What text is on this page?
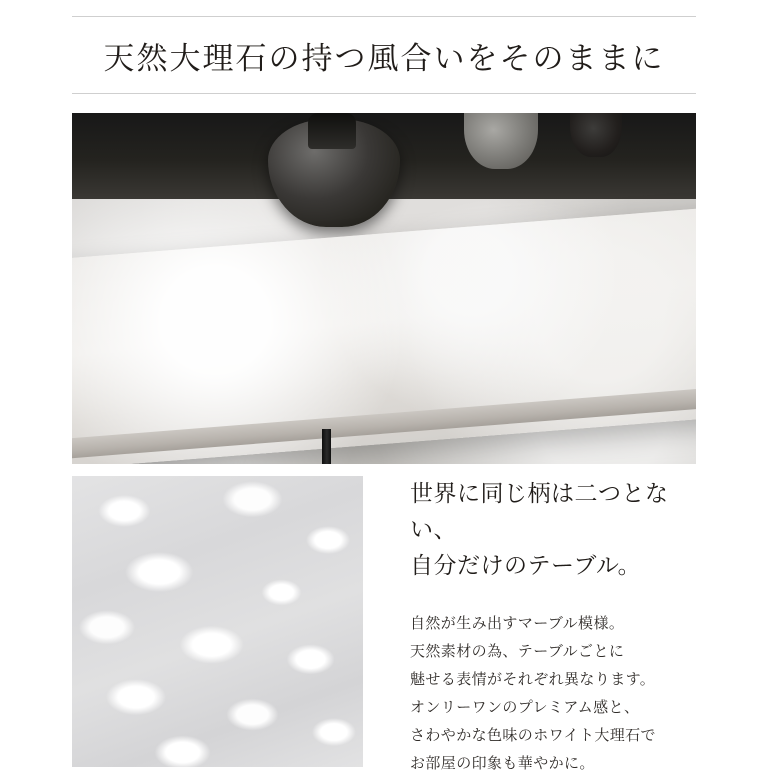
天然大理石の持つ風合いをそのままに
世界に同じ柄は二つとない、
自分だけのテーブル。
自然が生み出すマーブル模様。
天然素材の為、テーブルごとに
魅せる表情がそれぞれ異なります。
オンリーワンのプレミアム感と、
さわやかな色味のホワイト大理石で
お部屋の印象も華やかに。
